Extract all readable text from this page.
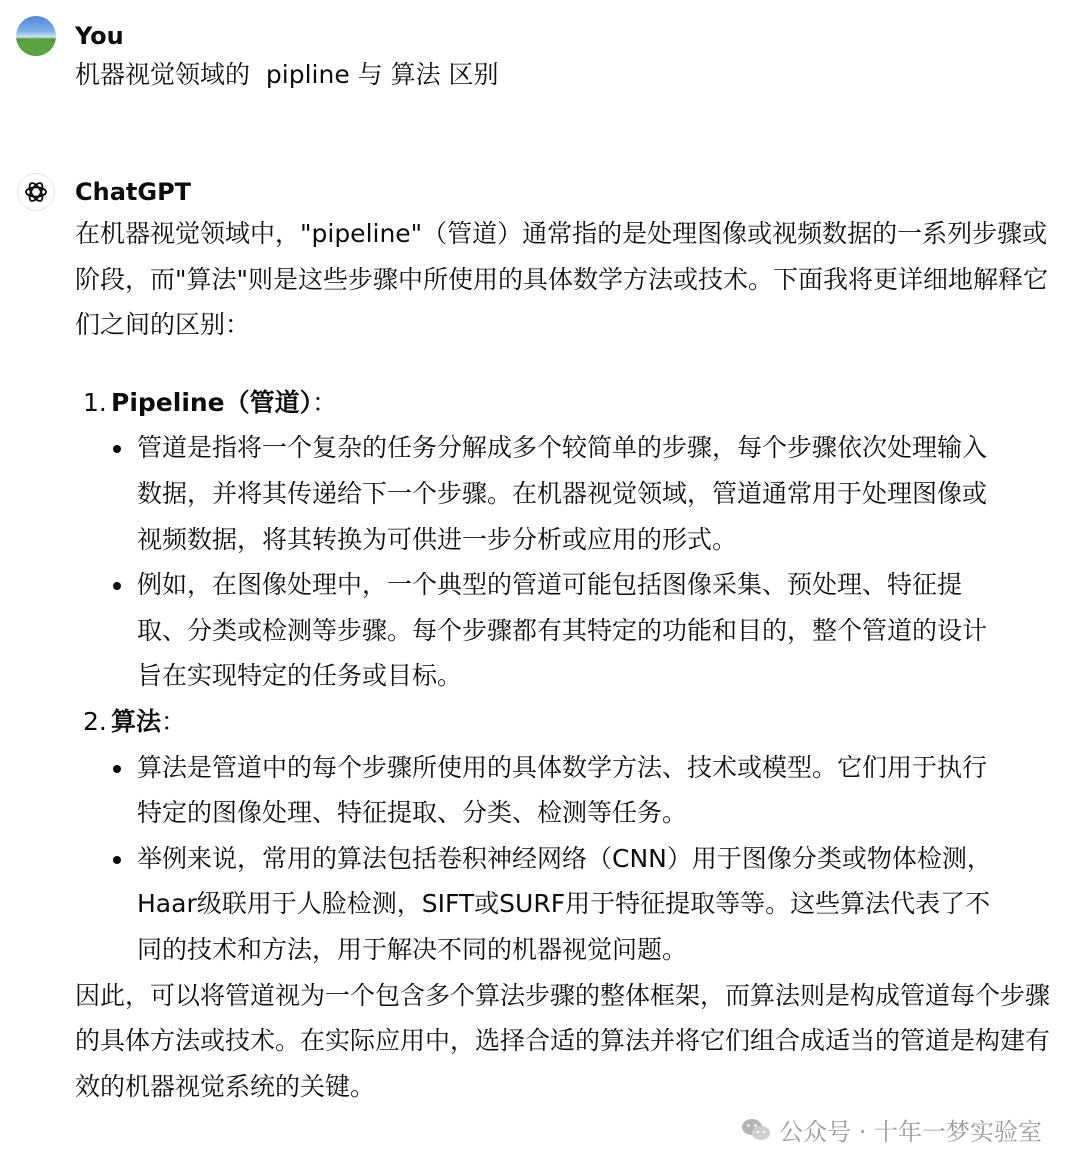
You
机器视觉领域的  pipline 与 算法 区别
ChatGPT

在机器视觉领域中，"pipeline"（管道）通常指的是处理图像或视频数据的一系列步骤或阶段，而"算法"则是这些步骤中所使用的具体数学方法或技术。下面我将更详细地解释它们之间的区别：

1. Pipeline（管道）：
管道是指将一个复杂的任务分解成多个较简单的步骤，每个步骤依次处理输入数据，并将其传递给下一个步骤。在机器视觉领域，管道通常用于处理图像或视频数据，将其转换为可供进一步分析或应用的形式。
例如，在图像处理中，一个典型的管道可能包括图像采集、预处理、特征提取、分类或检测等步骤。每个步骤都有其特定的功能和目的，整个管道的设计旨在实现特定的任务或目标。
2. 算法：
算法是管道中的每个步骤所使用的具体数学方法、技术或模型。它们用于执行特定的图像处理、特征提取、分类、检测等任务。
举例来说，常用的算法包括卷积神经网络（CNN）用于图像分类或物体检测，Haar级联用于人脸检测，SIFT或SURF用于特征提取等等。这些算法代表了不同的技术和方法，用于解决不同的机器视觉问题。

因此，可以将管道视为一个包含多个算法步骤的整体框架，而算法则是构成管道每个步骤的具体方法或技术。在实际应用中，选择合适的算法并将它们组合成适当的管道是构建有效的机器视觉系统的关键。

公众号 · 十年一梦实验室
